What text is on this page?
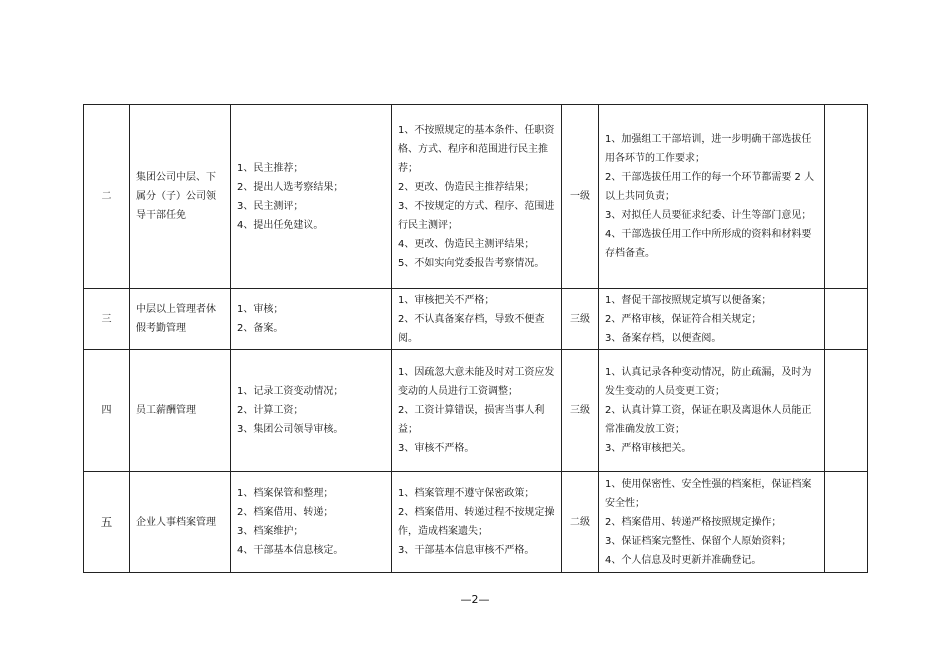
二	集团公司中层、下属分（子）公司领导干部任免	1、民主推荐；
2、提出人选考察结果；
3、民主测评；
4、提出任免建议。	1、不按照规定的基本条件、任职资格、方式、程序和范围进行民主推荐；
2、更改、伪造民主推荐结果；
3、不按规定的方式、程序、范围进行民主测评；
4、更改、伪造民主测评结果；
5、不如实向党委报告考察情况。	一级	1、加强组工干部培训，进一步明确干部选拔任用各环节的工作要求；
2、干部选拔任用工作的每一个环节都需要 2 人以上共同负责；
3、对拟任人员要征求纪委、计生等部门意见；
4、干部选拔任用工作中所形成的资料和材料要存档备查。	

三	中层以上管理者休假考勤管理	1、审核；
2、备案。	1、审核把关不严格；
2、不认真备案存档，导致不便查阅。	三级	1、督促干部按照规定填写以便备案；
2、严格审核，保证符合相关规定；
3、备案存档，以便查阅。	

四	员工薪酬管理	1、记录工资变动情况；
2、计算工资；
3、集团公司领导审核。	1、因疏忽大意未能及时对工资应发变动的人员进行工资调整；
2、工资计算错误，损害当事人利益；
3、审核不严格。	三级	1、认真记录各种变动情况，防止疏漏，及时为发生变动的人员变更工资；
2、认真计算工资，保证在职及离退休人员能正常准确发放工资；
3、严格审核把关。	

五	企业人事档案管理	1、档案保管和整理；
2、档案借用、转递；
3、档案维护；
4、干部基本信息核定。	1、档案管理不遵守保密政策；
2、档案借用、转递过程不按规定操作，造成档案遗失；
3、干部基本信息审核不严格。	二级	1、使用保密性、安全性强的档案柜，保证档案安全性；
2、档案借用、转递严格按照规定操作；
3、保证档案完整性、保留个人原始资料；
4、个人信息及时更新并准确登记。	

—2—
